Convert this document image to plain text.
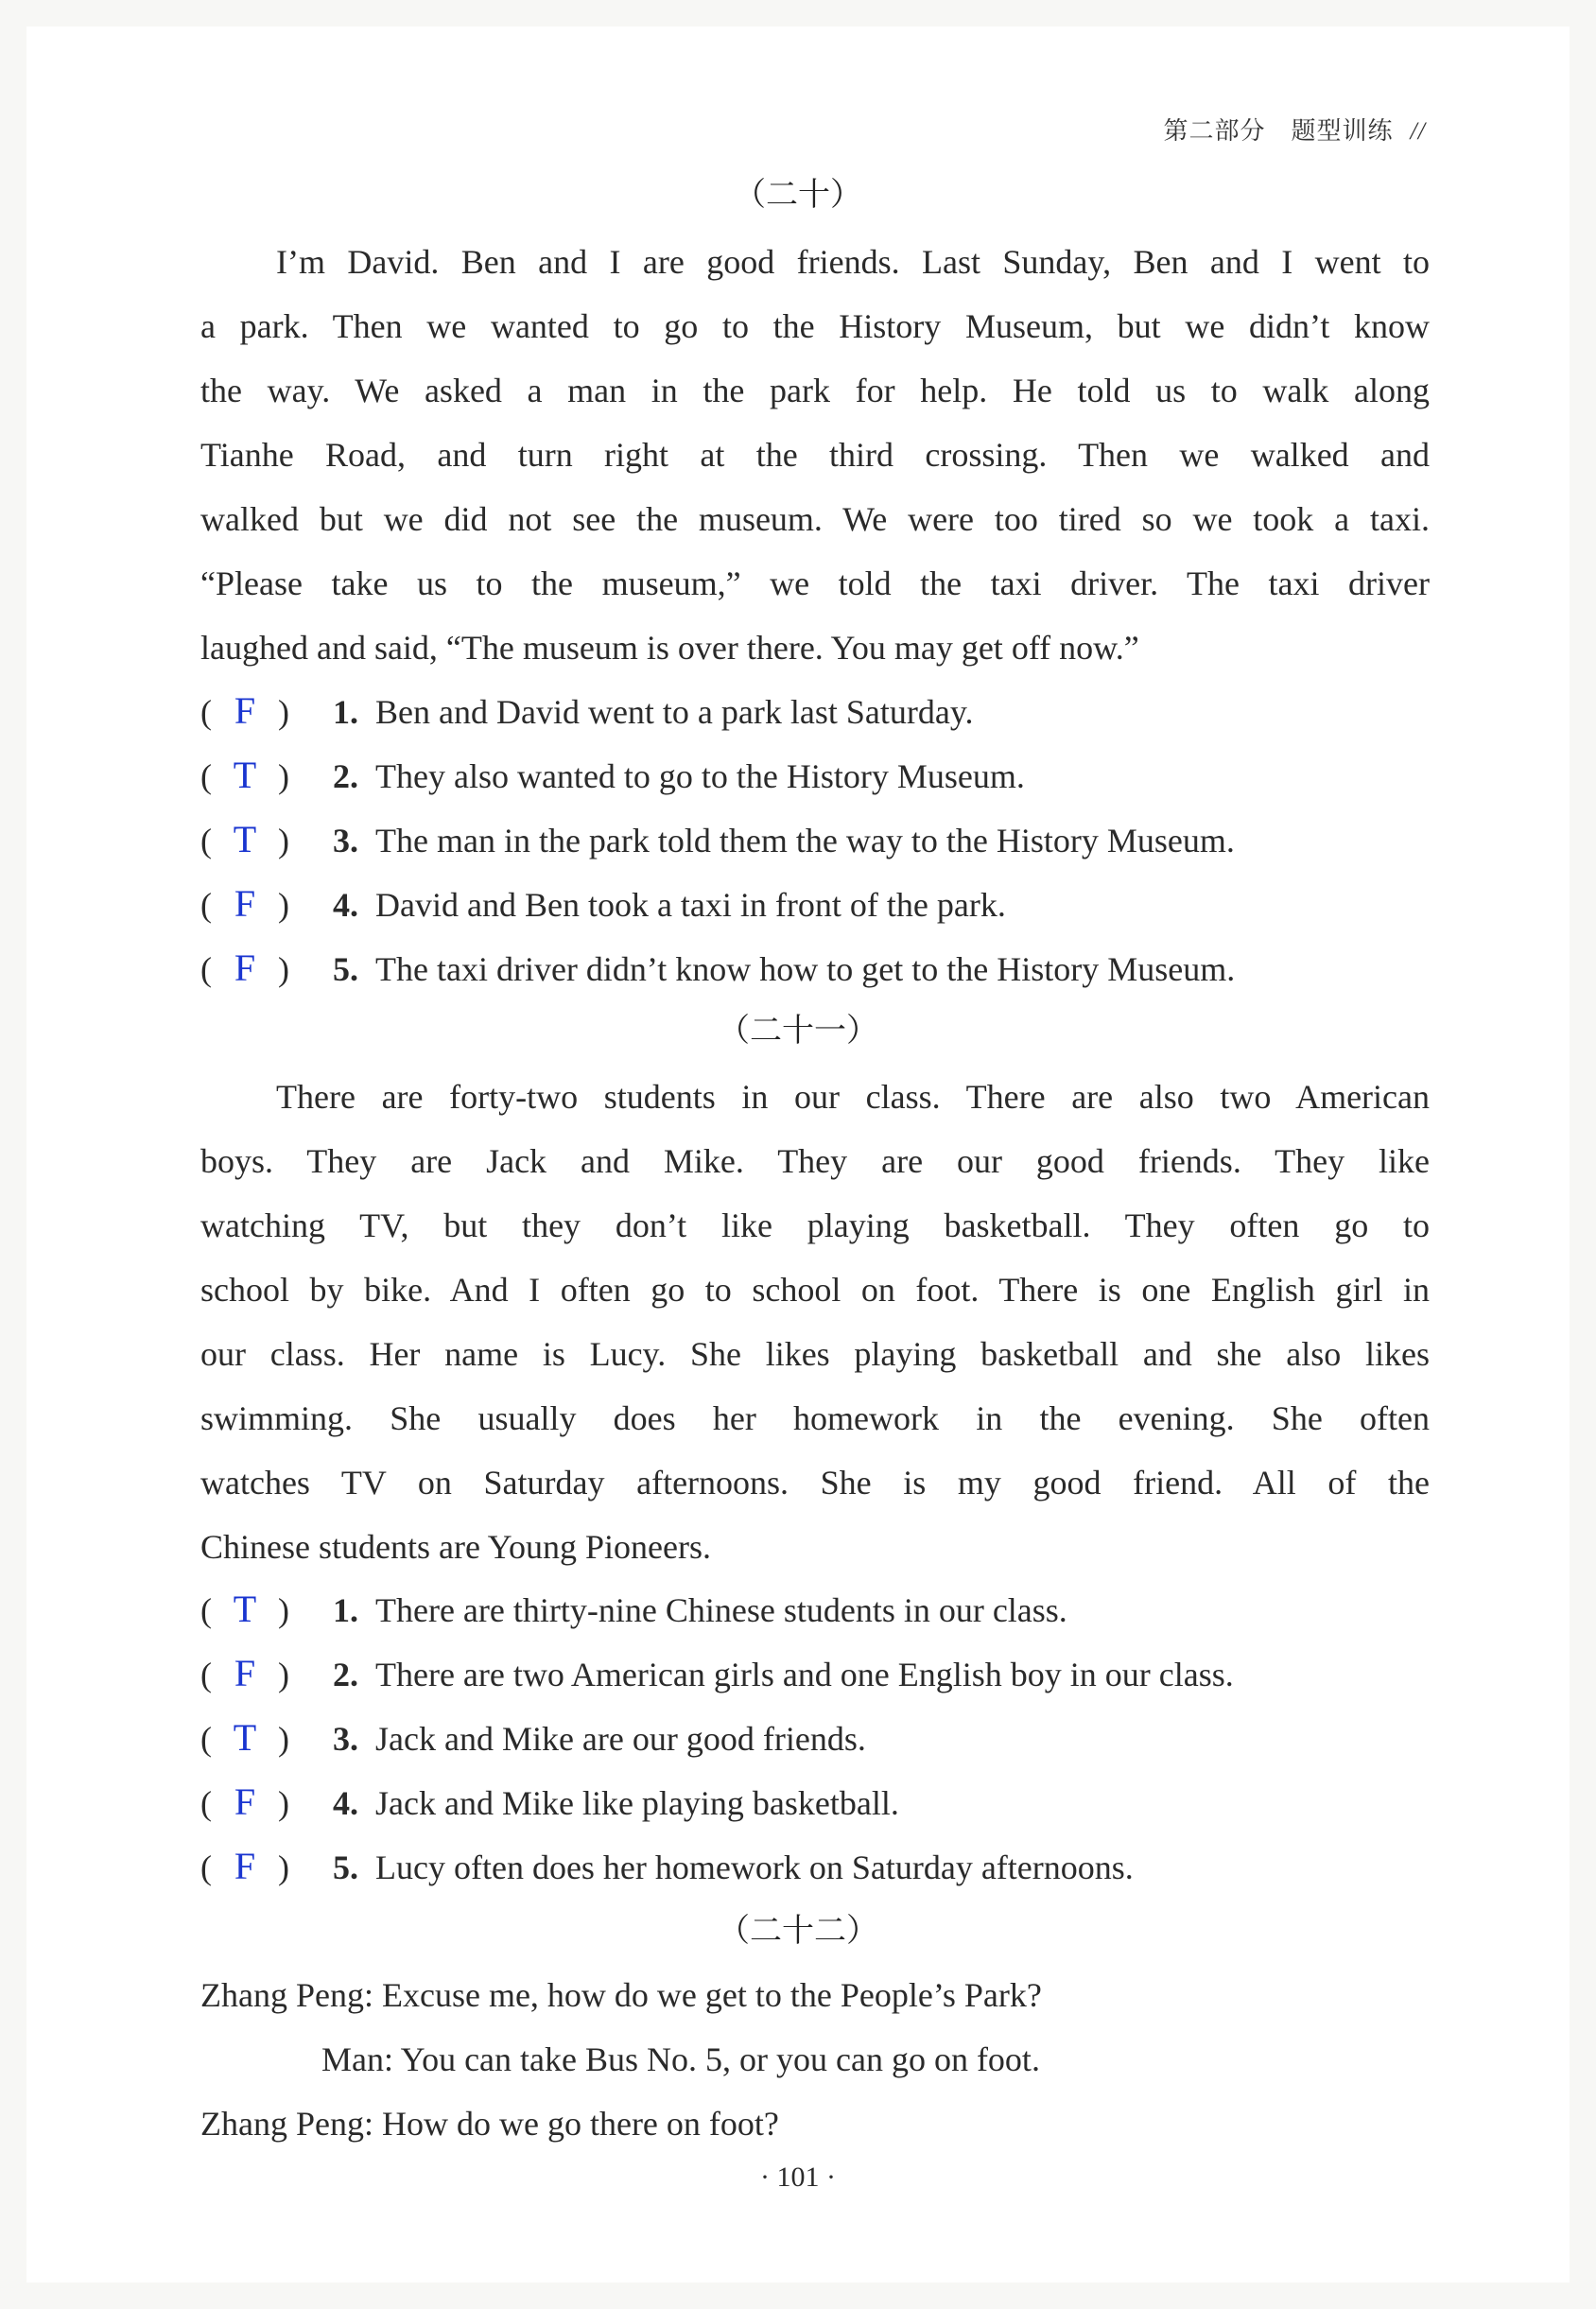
第二部分　题型训练 //
（二十）
I’m David. Ben and I are good friends. Last Sunday, Ben and I went to
a park. Then we wanted to go to the History Museum, but we didn’t know
the way. We asked a man in the park for help. He told us to walk along
Tianhe Road, and turn right at the third crossing. Then we walked and
walked but we did not see the museum. We were too tired so we took a taxi.
“Please take us to the museum,” we told the taxi driver. The taxi driver
laughed and said, “The museum is over there. You may get off now.”
( F ) 1. Ben and David went to a park last Saturday.
( T ) 2. They also wanted to go to the History Museum.
( T ) 3. The man in the park told them the way to the History Museum.
( F ) 4. David and Ben took a taxi in front of the park.
( F ) 5. The taxi driver didn’t know how to get to the History Museum.
（二十一）
There are forty-two students in our class. There are also two American
boys. They are Jack and Mike. They are our good friends. They like
watching TV, but they don’t like playing basketball. They often go to
school by bike. And I often go to school on foot. There is one English girl in
our class. Her name is Lucy. She likes playing basketball and she also likes
swimming. She usually does her homework in the evening. She often
watches TV on Saturday afternoons. She is my good friend. All of the
Chinese students are Young Pioneers.
( T ) 1. There are thirty-nine Chinese students in our class.
( F ) 2. There are two American girls and one English boy in our class.
( T ) 3. Jack and Mike are our good friends.
( F ) 4. Jack and Mike like playing basketball.
( F ) 5. Lucy often does her homework on Saturday afternoons.
（二十二）
Zhang Peng: Excuse me, how do we get to the People’s Park?
Man: You can take Bus No. 5, or you can go on foot.
Zhang Peng: How do we go there on foot?
· 101 ·
